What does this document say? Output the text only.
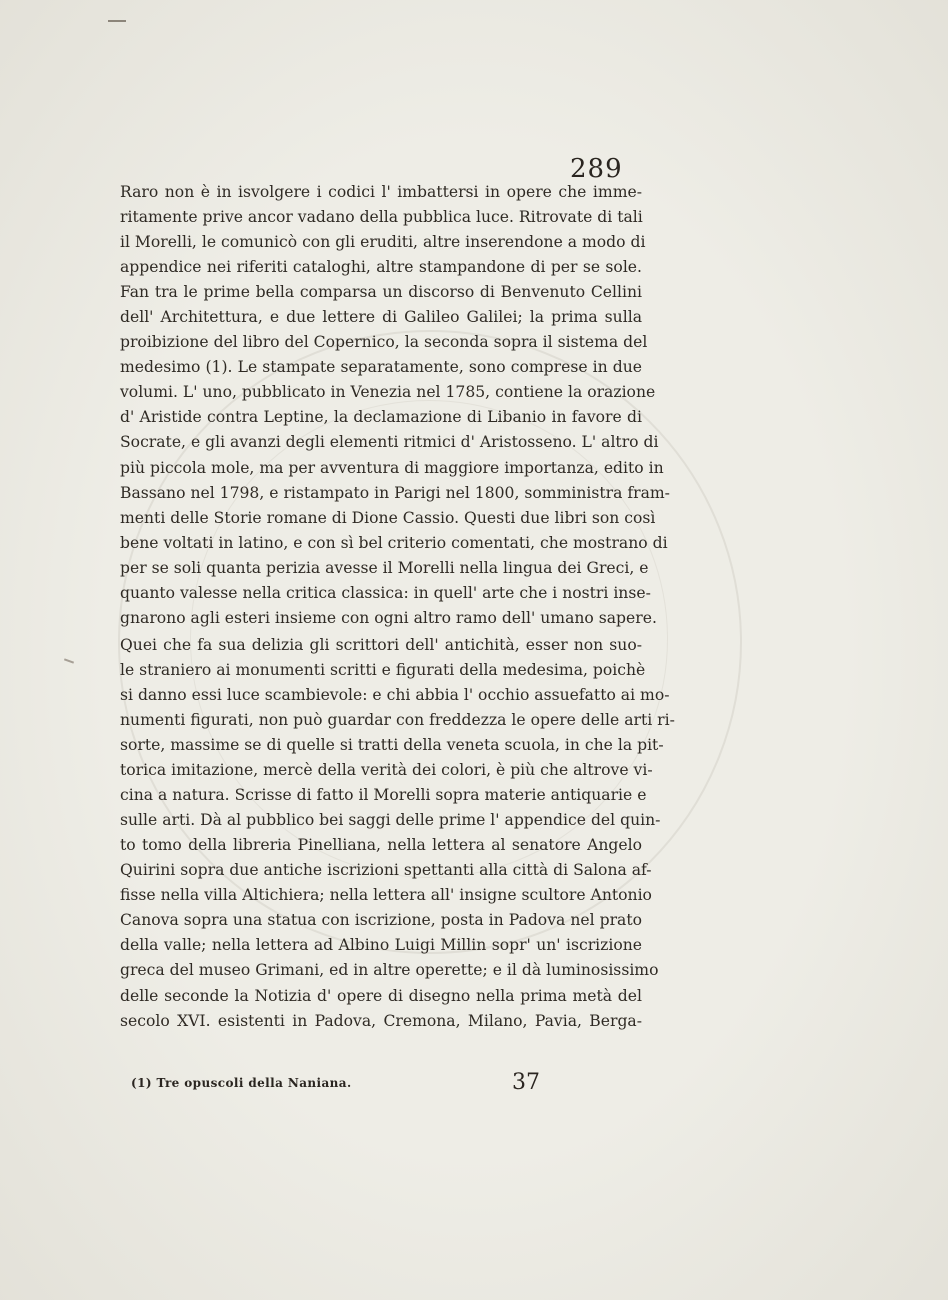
289
Raro non è in isvolgere i codici l' imbattersi in opere che imme-
ritamente prive ancor vadano della pubblica luce. Ritrovate di tali
il Morelli, le comunicò con gli eruditi, altre inserendone a modo di
appendice nei riferiti cataloghi, altre stampandone di per se sole.
Fan tra le prime bella comparsa un discorso di Benvenuto Cellini
dell' Architettura, e due lettere di Galileo Galilei; la prima sulla
proibizione del libro del Copernico, la seconda sopra il sistema del
medesimo (1). Le stampate separatamente, sono comprese in due
volumi. L' uno, pubblicato in Venezia nel 1785, contiene la orazione
d' Aristide contra Leptine, la declamazione di Libanio in favore di
Socrate, e gli avanzi degli elementi ritmici d' Aristosseno. L' altro di
più piccola mole, ma per avventura di maggiore importanza, edito in
Bassano nel 1798, e ristampato in Parigi nel 1800, somministra fram-
menti delle Storie romane di Dione Cassio. Questi due libri son così
bene voltati in latino, e con sì bel criterio comentati, che mostrano di
per se soli quanta perizia avesse il Morelli nella lingua dei Greci, e
quanto valesse nella critica classica: in quell' arte che i nostri inse-
gnarono agli esteri insieme con ogni altro ramo dell' umano sapere.
Quei che fa sua delizia gli scrittori dell' antichità, esser non suo-
le straniero ai monumenti scritti e figurati della medesima, poichè
si danno essi luce scambievole: e chi abbia l' occhio assuefatto ai mo-
numenti figurati, non può guardar con freddezza le opere delle arti ri-
sorte, massime se di quelle si tratti della veneta scuola, in che la pit-
torica imitazione, mercè della verità dei colori, è più che altrove vi-
cina a natura. Scrisse di fatto il Morelli sopra materie antiquarie e
sulle arti. Dà al pubblico bei saggi delle prime l' appendice del quin-
to tomo della libreria Pinelliana, nella lettera al senatore Angelo
Quirini sopra due antiche iscrizioni spettanti alla città di Salona af-
fisse nella villa Altichiera; nella lettera all' insigne scultore Antonio
Canova sopra una statua con iscrizione, posta in Padova nel prato
della valle; nella lettera ad Albino Luigi Millin sopr' un' iscrizione
greca del museo Grimani, ed in altre operette; e il dà luminosissimo
delle seconde la Notizia d' opere di disegno nella prima metà del
secolo XVI. esistenti in Padova, Cremona, Milano, Pavia, Berga-
(1) Tre opuscoli della Naniana.	37
